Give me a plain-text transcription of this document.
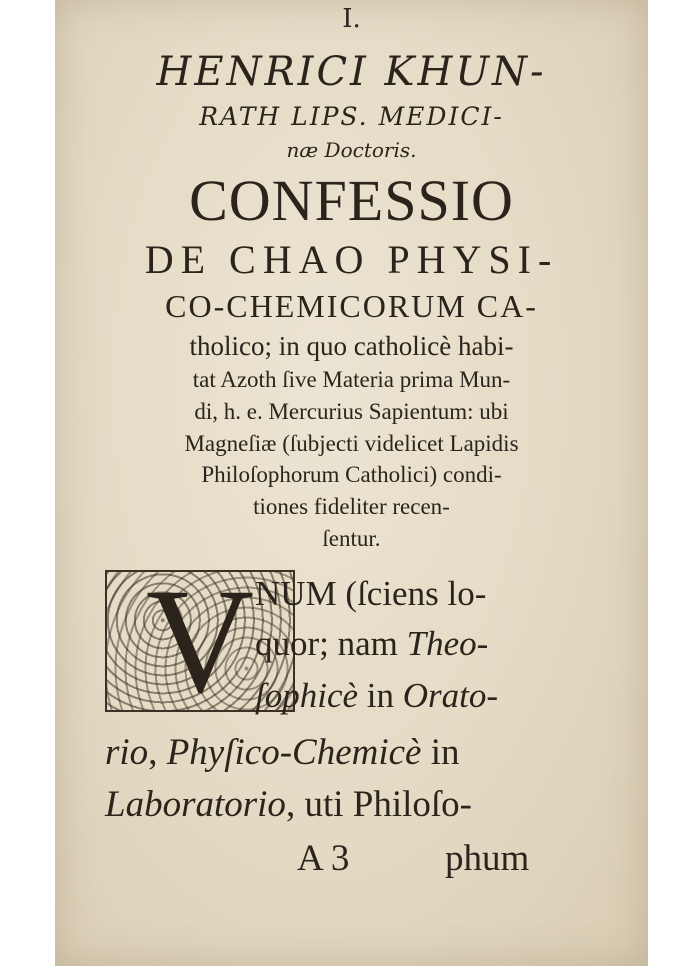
I.
HENRICI KHUN-
RATH LIPS. MEDICI-
næ Doctoris.
CONFESSIO
DE CHAO PHYSI-
CO-CHEMICORUM CA-
tholico; in quo catholicè habi-
tat Azoth ſive Materia prima Mun-
di, h. e. Mercurius Sapientum: ubi
Magneſiæ (ſubjecti videlicet Lapidis
Philoſophorum Catholici) condi-
tiones fideliter recen-
ſentur.
V NUM (ſciens lo-
quor; nam Theo-
ſophicè in Orato-
rio, Phyſico-Chemicè in
Laboratorio, uti Philoſo-
A 3	phum
